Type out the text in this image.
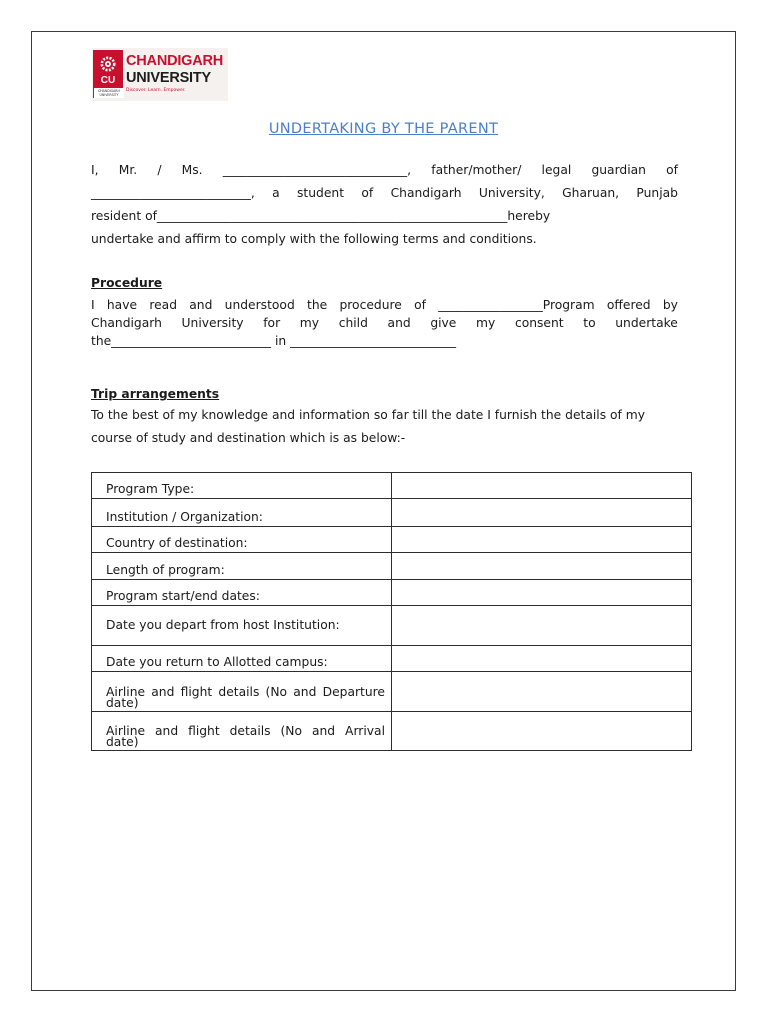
CU
CHANDIGARH UNIVERSITY
CHANDIGARH
UNIVERSITY
Discover. Learn. Empower.
UNDERTAKING BY THE PARENT
I, Mr. / Ms. ______________________________, father/mother/ legal guardian of
__________________________, a student of Chandigarh University, Gharuan, Punjab
resident of_________________________________________________________hereby
undertake and affirm to comply with the following terms and conditions.
Procedure
I have read and understood the procedure of _________________Program offered by
Chandigarh University for my child and give my consent to undertake
the__________________________ in ___________________________
Trip arrangements
To the best of my knowledge and information so far till the date I furnish the details of my
course of study and destination which is as below:-
Program Type:	
Institution / Organization:	
Country of destination:	
Length of program:	
Program start/end dates:	
Date you depart from host Institution:	
Date you return to Allotted campus:	

Airline and flight details (No and Departure
date)	

Airline and flight details (No and Arrival
date)	
